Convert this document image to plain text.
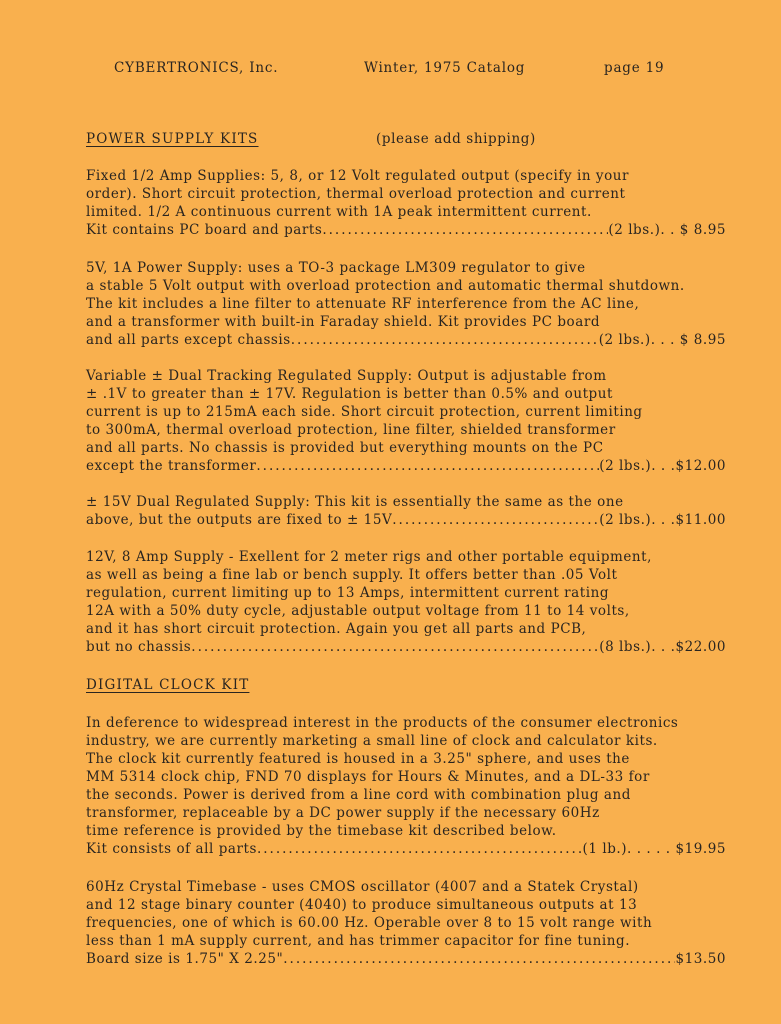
CYBERTRONICS, Inc.	Winter, 1975 Catalog	page 19
POWER SUPPLY KITS	(please add shipping)
Fixed 1/2 Amp Supplies: 5, 8, or 12 Volt regulated output (specify in your
order). Short circuit protection, thermal overload protection and current
limited. 1/2 A continuous current with 1A peak intermittent current.
Kit contains PC board and parts .....	(2 lbs.). . $ 8.95
5V, 1A Power Supply: uses a TO-3 package LM309 regulator to give
a stable 5 Volt output with overload protection and automatic thermal shutdown.
The kit includes a line filter to attenuate RF interference from the AC line,
and a transformer with built-in Faraday shield. Kit provides PC board
and all parts except chassis .....	(2 lbs.). . . $ 8.95
Variable ± Dual Tracking Regulated Supply: Output is adjustable from
± .1V to greater than ± 17V. Regulation is better than 0.5% and output
current is up to 215mA each side. Short circuit protection, current limiting
to 300mA, thermal overload protection, line filter, shielded transformer
and all parts. No chassis is provided but everything mounts on the PC
except the transformer .....	(2 lbs.). . .$12.00
± 15V Dual Regulated Supply: This kit is essentially the same as the one
above, but the outputs are fixed to ± 15V .....	(2 lbs.). . .$11.00
12V, 8 Amp Supply - Exellent for 2 meter rigs and other portable equipment,
as well as being a fine lab or bench supply. It offers better than .05 Volt
regulation, current limiting up to 13 Amps, intermittent current rating
12A with a 50% duty cycle, adjustable output voltage from 11 to 14 volts,
and it has short circuit protection. Again you get all parts and PCB,
but no chassis .....	(8 lbs.). . .$22.00
DIGITAL CLOCK KIT
In deference to widespread interest in the products of the consumer electronics
industry, we are currently marketing a small line of clock and calculator kits.
The clock kit currently featured is housed in a 3.25" sphere, and uses the
MM 5314 clock chip, FND 70 displays for Hours & Minutes, and a DL-33 for
the seconds. Power is derived from a line cord with combination plug and
transformer, replaceable by a DC power supply if the necessary 60Hz
time reference is provided by the timebase kit described below.
Kit consists of all parts .....	(1 lb.). . . . . $19.95
60Hz Crystal Timebase - uses CMOS oscillator (4007 and a Statek Crystal)
and 12 stage binary counter (4040) to produce simultaneous outputs at 13
frequencies, one of which is 60.00 Hz. Operable over 8 to 15 volt range with
less than 1 mA supply current, and has trimmer capacitor for fine tuning.
Board size is 1.75" X 2.25" .....	$13.50
